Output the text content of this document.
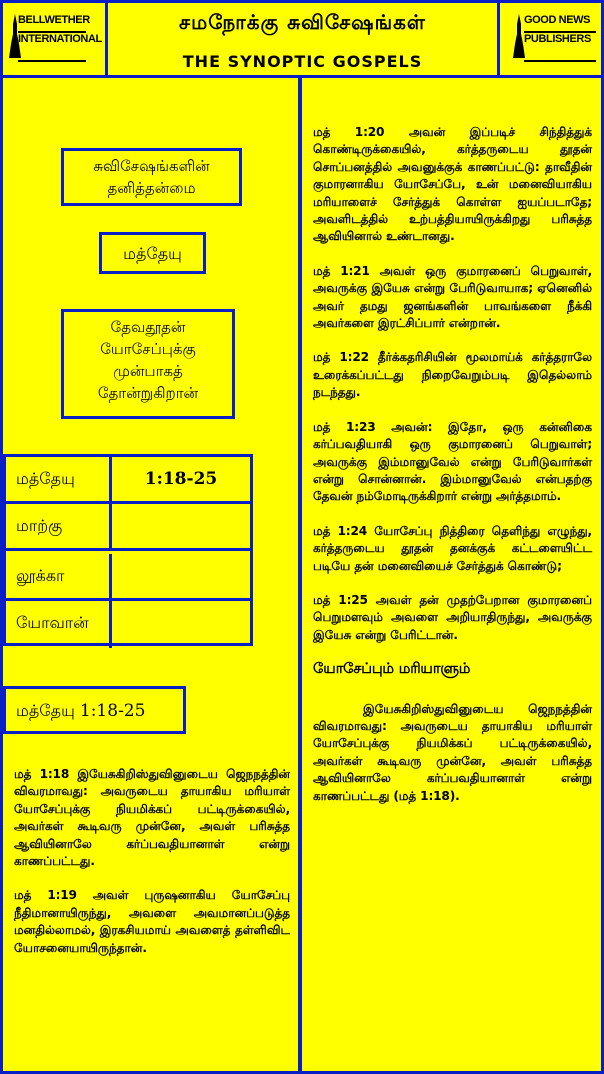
BELLWETHER
INTERNATIONAL
சமநோக்கு சுவிசேஷங்கள்
THE SYNOPTIC GOSPELS
GOOD NEWS
PUBLISHERS
சுவிசேஷங்களின் தனித்தன்மை
மத்தேயு
தேவதூதன் யோசேப்புக்கு முன்பாகத் தோன்றுகிறான்
மத்தேயு	1:18-25
மாற்கு
லூக்கா
யோவான்
மத்தேயு 1:18-25

மத் 1:18 இயேசுகிறிஸ்துவினுடைய ஜெநநத்தின் விவரமாவது: அவருடைய தாயாகிய மரியாள் யோசேப்புக்கு நியமிக்கப் பட்டிருக்கையில், அவர்கள் கூடிவரு முன்னே, அவள் பரிசுத்த ஆவியினாலே கர்ப்பவதியானாள் என்று காணப்பட்டது.

மத் 1:19 அவள் புருஷனாகிய யோசேப்பு நீதிமானாயிருந்து, அவளை அவமானப்படுத்த மனதில்லாமல், இரகசியமாய் அவளைத் தள்ளிவிட யோசனையாயிருந்தான்.

மத் 1:20 அவன் இப்படிச் சிந்தித்துக் கொண்டிருக்கையில், கர்த்தருடைய தூதன் சொப்பனத்தில் அவனுக்குக் காணப்பட்டு: தாவீதின் குமாரனாகிய யோசேப்பே, உன் மனைவியாகிய மரியாளைச் சேர்த்துக் கொள்ள ஐயப்படாதே; அவளிடத்தில் உற்பத்தியாயிருக்கிறது பரிசுத்த ஆவியினால் உண்டானது.

மத் 1:21 அவள் ஒரு குமாரனைப் பெறுவாள், அவருக்கு இயேசு என்று பேரிடுவாயாக; ஏனெனில் அவர் தமது ஜனங்களின் பாவங்களை நீக்கி அவர்களை இரட்சிப்பார் என்றான்.

மத் 1:22 தீர்க்கதரிசியின் மூலமாய்க் கர்த்தராலே உரைக்கப்பட்டது நிறைவேறும்படி இதெல்லாம் நடந்தது.

மத் 1:23 அவன்: இதோ, ஒரு கன்னிகை கர்ப்பவதியாகி ஒரு குமாரனைப் பெறுவாள்; அவருக்கு இம்மானுவேல் என்று பேரிடுவார்கள் என்று சொன்னான். இம்மானுவேல் என்பதற்கு தேவன் நம்மோடிருக்கிறார் என்று அர்த்தமாம்.

மத் 1:24 யோசேப்பு நித்திரை தெளிந்து எழுந்து, கர்த்தருடைய தூதன் தனக்குக் கட்டளையிட்ட படியே தன் மனைவியைச் சேர்த்துக் கொண்டு;

மத் 1:25 அவள் தன் முதற்பேறான குமாரனைப் பெறுமளவும் அவளை அறியாதிருந்து, அவருக்கு இயேசு என்று பேரிட்டான்.

யோசேப்பும் மரியாளும்

இயேசுகிறிஸ்துவினுடைய ஜெநநத்தின் விவரமாவது: அவருடைய தாயாகிய மரியாள் யோசேப்புக்கு நியமிக்கப் பட்டிருக்கையில், அவர்கள் கூடிவரு முன்னே, அவள் பரிசுத்த ஆவியினாலே கர்ப்பவதியானாள் என்று காணப்பட்டது (மத் 1:18).
